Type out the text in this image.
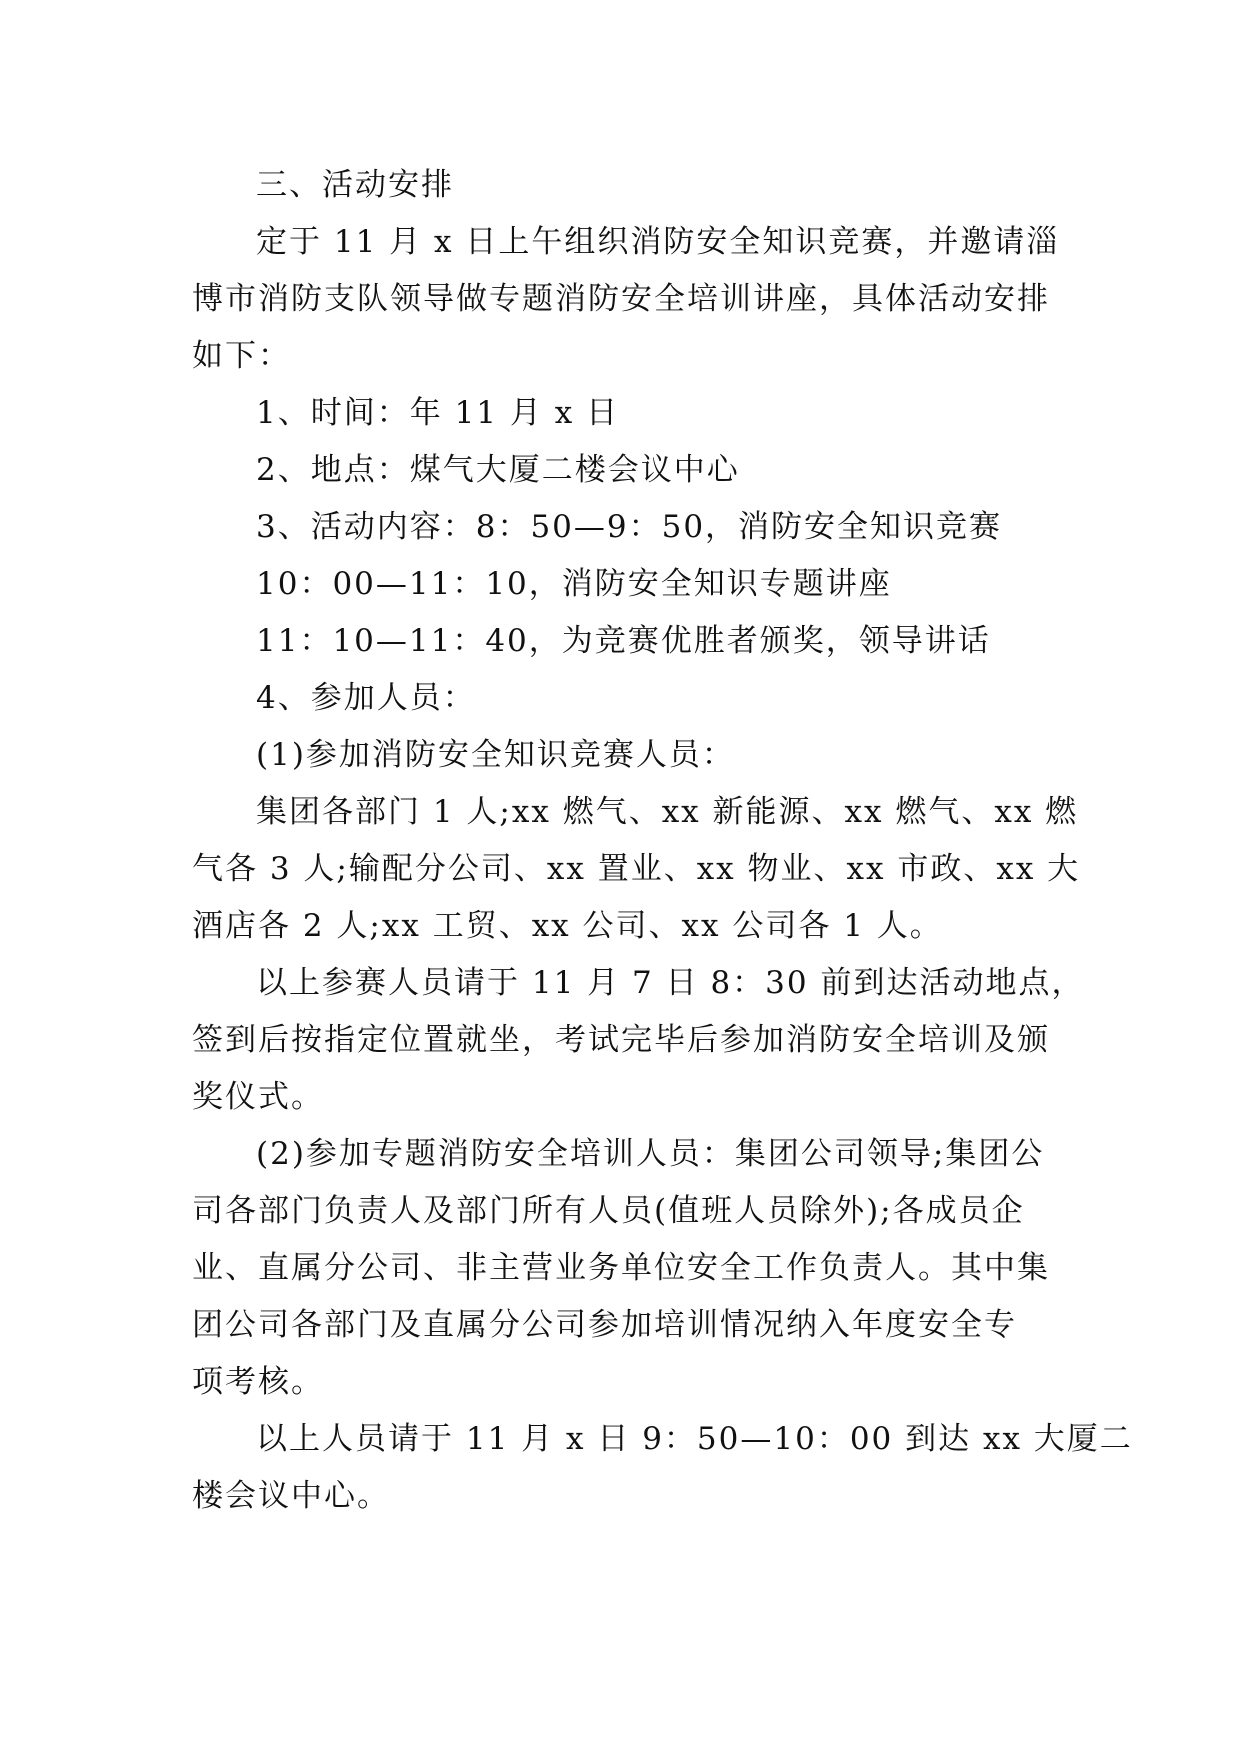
三、活动安排
定于 11 月 x 日上午组织消防安全知识竞赛，并邀请淄
博市消防支队领导做专题消防安全培训讲座，具体活动安排
如下：
1、时间：年 11 月 x 日
2、地点：煤气大厦二楼会议中心
3、活动内容：8：50—9：50，消防安全知识竞赛
10：00—11：10，消防安全知识专题讲座
11：10—11：40，为竞赛优胜者颁奖，领导讲话
4、参加人员：
(1)参加消防安全知识竞赛人员：
集团各部门 1 人;xx 燃气、xx 新能源、xx 燃气、xx 燃
气各 3 人;输配分公司、xx 置业、xx 物业、xx 市政、xx 大
酒店各 2 人;xx 工贸、xx 公司、xx 公司各 1 人。
以上参赛人员请于 11 月 7 日 8：30 前到达活动地点，
签到后按指定位置就坐，考试完毕后参加消防安全培训及颁
奖仪式。
(2)参加专题消防安全培训人员：集团公司领导;集团公
司各部门负责人及部门所有人员(值班人员除外);各成员企
业、直属分公司、非主营业务单位安全工作负责人。其中集
团公司各部门及直属分公司参加培训情况纳入年度安全专
项考核。
以上人员请于 11 月 x 日 9：50—10：00 到达 xx 大厦二
楼会议中心。
